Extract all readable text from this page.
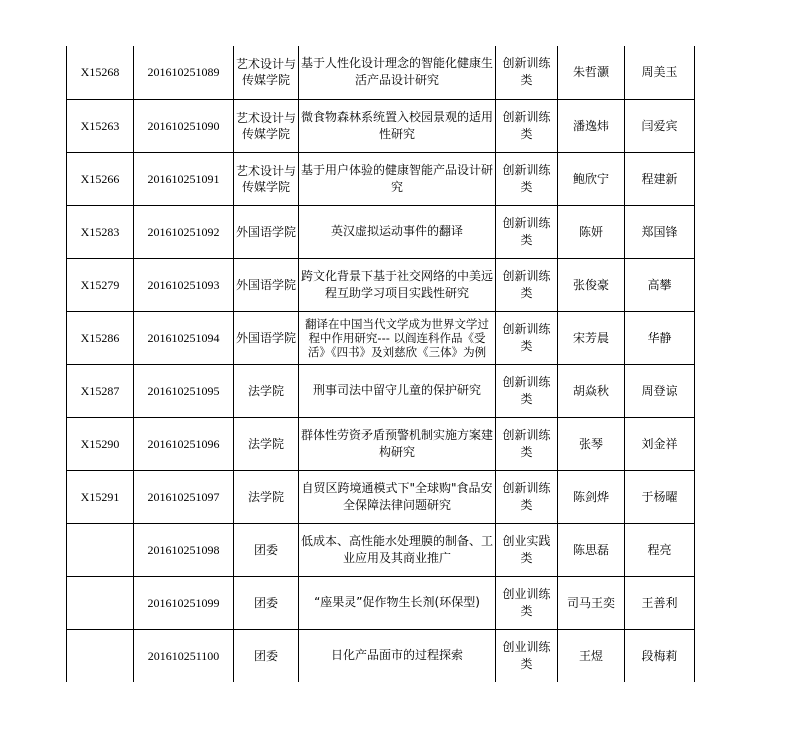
X15268	201610251089	艺术设计与传媒学院	基于人性化设计理念的智能化健康生活产品设计研究	创新训练类	朱哲灏	周美玉
X15263	201610251090	艺术设计与传媒学院	微食物森林系统置入校园景观的适用性研究	创新训练类	潘逸炜	闫爱宾
X15266	201610251091	艺术设计与传媒学院	基于用户体验的健康智能产品设计研究	创新训练类	鲍欣宁	程建新
X15283	201610251092	外国语学院	英汉虚拟运动事件的翻译	创新训练类	陈妍	郑国锋
X15279	201610251093	外国语学院	跨文化背景下基于社交网络的中美远程互助学习项目实践性研究	创新训练类	张俊豪	高攀
X15286	201610251094	外国语学院	翻译在中国当代文学成为世界文学过程中作用研究--- 以阎连科作品《受活》《四书》及刘慈欣《三体》为例	创新训练类	宋芳晨	华静
X15287	201610251095	法学院	刑事司法中留守儿童的保护研究	创新训练类	胡焱秋	周登谅
X15290	201610251096	法学院	群体性劳资矛盾预警机制实施方案建构研究	创新训练类	张琴	刘金祥
X15291	201610251097	法学院	自贸区跨境通模式下"全球购"食品安全保障法律问题研究	创新训练类	陈剑烨	于杨曜
	201610251098	团委	低成本、高性能水处理膜的制备、工业应用及其商业推广	创业实践类	陈思磊	程亮
	201610251099	团委	“座果灵”促作物生长剂(环保型)	创业训练类	司马王奕	王善利
	201610251100	团委	日化产品面市的过程探索	创业训练类	王煜	段梅莉
